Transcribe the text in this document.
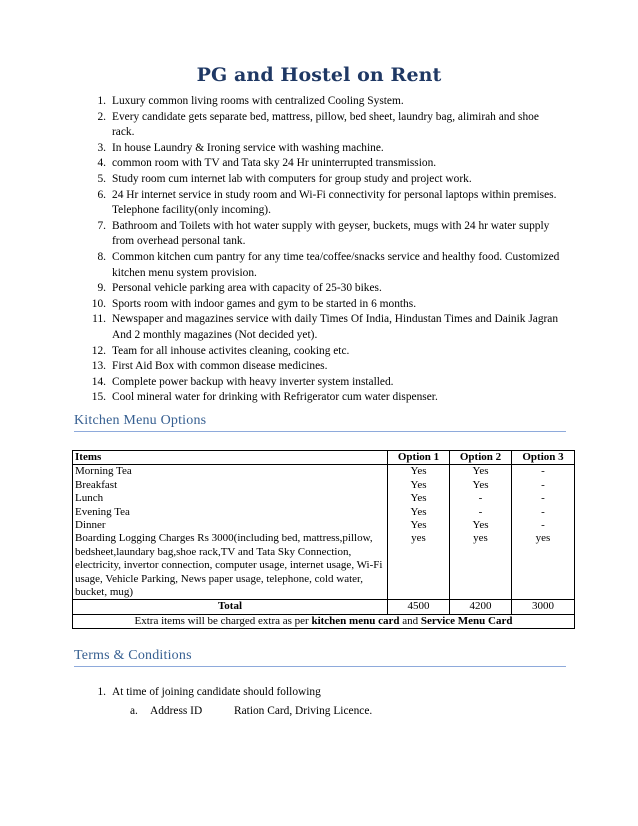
PG and Hostel on Rent
Luxury common living rooms with centralized Cooling System.
Every candidate gets separate bed, mattress, pillow, bed sheet, laundry bag, alimirah and shoe rack.
In house Laundry & Ironing service with washing machine.
common room with TV and Tata sky 24 Hr uninterrupted transmission.
Study room cum internet lab with computers for group study and project work.
24 Hr internet service in study room and Wi-Fi connectivity for personal laptops within premises. Telephone facility(only incoming).
Bathroom and Toilets with hot water supply with geyser, buckets, mugs with 24 hr water supply from overhead personal tank.
Common kitchen cum pantry for any time tea/coffee/snacks service and healthy food. Customized kitchen menu system provision.
Personal vehicle parking area with capacity of 25-30 bikes.
Sports room with indoor games and gym to be started in 6 months.
Newspaper and magazines service with daily Times Of India, Hindustan Times and Dainik Jagran And 2 monthly magazines (Not decided yet).
Team for all inhouse activites cleaning, cooking etc.
First Aid Box with common disease medicines.
Complete power backup with heavy inverter system installed.
Cool mineral water for drinking with Refrigerator cum water dispenser.
Kitchen Menu Options
Items	Option 1	Option 2	Option 3
Morning Tea	Yes	Yes	-
Breakfast	Yes	Yes	-
Lunch	Yes	-	-
Evening Tea	Yes	-	-
Dinner	Yes	Yes	-
Boarding Logging Charges Rs 3000(including bed, mattress,pillow, bedsheet,laundary bag,shoe rack,TV and Tata Sky Connection, electricity, invertor connection, computer usage, internet usage, Wi-Fi usage, Vehicle Parking, News paper usage, telephone, cold water, bucket, mug)	yes	yes	yes
Total	4500	4200	3000
Extra items will be charged extra as per kitchen menu card and Service Menu Card			
Terms & Conditions
1. At time of joining candidate should following
a. Address ID	Ration Card, Driving Licence.
